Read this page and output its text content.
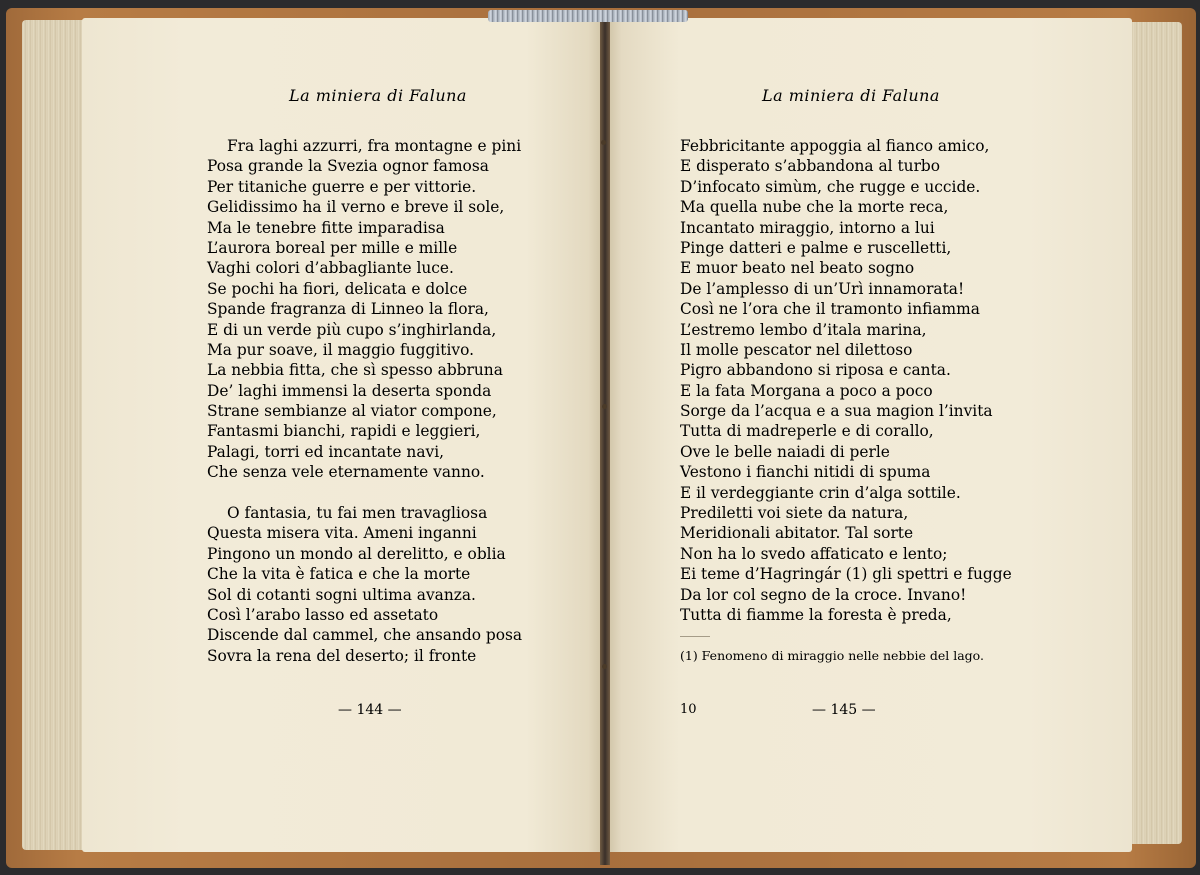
La miniera di Faluna
Fra laghi azzurri, fra montagne e pini
Posa grande la Svezia ognor famosa
Per titaniche guerre e per vittorie.
Gelidissimo ha il verno e breve il sole,
Ma le tenebre fitte imparadisa
L’aurora boreal per mille e mille
Vaghi colori d’abbagliante luce.
Se pochi ha fiori, delicata e dolce
Spande fragranza di Linneo la flora,
E di un verde più cupo s’inghirlanda,
Ma pur soave, il maggio fuggitivo.
La nebbia fitta, che sì spesso abbruna
De’ laghi immensi la deserta sponda
Strane sembianze al viator compone,
Fantasmi bianchi, rapidi e leggieri,
Palagi, torri ed incantate navi,
Che senza vele eternamente vanno.
O fantasia, tu fai men travagliosa
Questa misera vita. Ameni inganni
Pingono un mondo al derelitto, e oblia
Che la vita è fatica e che la morte
Sol di cotanti sogni ultima avanza.
Così l’arabo lasso ed assetato
Discende dal cammel, che ansando posa
Sovra la rena del deserto; il fronte
— 144 —
La miniera di Faluna
Febbricitante appoggia al fianco amico,
E disperato s’abbandona al turbo
D’infocato simùm, che rugge e uccide.
Ma quella nube che la morte reca,
Incantato miraggio, intorno a lui
Pinge datteri e palme e ruscelletti,
E muor beato nel beato sogno
De l’amplesso di un’Urì innamorata!
Così ne l’ora che il tramonto infiamma
L’estremo lembo d’itala marina,
Il molle pescator nel dilettoso
Pigro abbandono si riposa e canta.
E la fata Morgana a poco a poco
Sorge da l’acqua e a sua magion l’invita
Tutta di madreperle e di corallo,
Ove le belle naiadi di perle
Vestono i fianchi nitidi di spuma
E il verdeggiante crin d’alga sottile.
Prediletti voi siete da natura,
Meridionali abitator. Tal sorte
Non ha lo svedo affaticato e lento;
Ei teme d’Hagringár (1) gli spettri e fugge
Da lor col segno de la croce. Invano!
Tutta di fiamme la foresta è preda,
(1) Fenomeno di miraggio nelle nebbie del lago.
10	— 145 —
